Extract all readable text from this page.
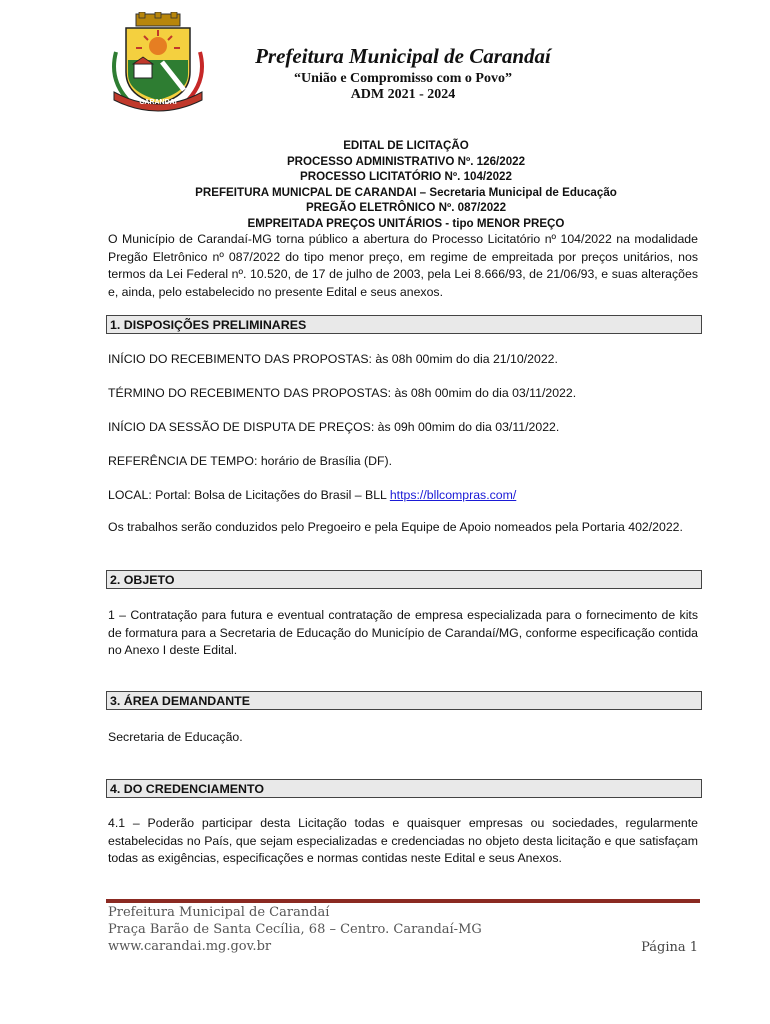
CARANDAÍ
Prefeitura Municipal de Carandaí
“União e Compromisso com o Povo”
ADM 2021 - 2024
EDITAL DE LICITAÇÃO
PROCESSO ADMINISTRATIVO Nº. 126/2022
PROCESSO LICITATÓRIO Nº. 104/2022
PREFEITURA MUNICPAL DE CARANDAI – Secretaria Municipal de Educação
PREGÃO ELETRÔNICO Nº. 087/2022
EMPREITADA PREÇOS UNITÁRIOS - tipo MENOR PREÇO
O Município de Carandaí-MG torna público a abertura do Processo Licitatório nº 104/2022 na modalidade Pregão Eletrônico nº 087/2022 do tipo menor preço, em regime de empreitada por preços unitários, nos termos da Lei Federal nº. 10.520, de 17 de julho de 2003, pela Lei 8.666/93, de 21/06/93, e suas alterações e, ainda, pelo estabelecido no presente Edital e seus anexos.
1. DISPOSIÇÕES PRELIMINARES
INÍCIO DO RECEBIMENTO DAS PROPOSTAS: às 08h 00mim do dia 21/10/2022.
TÉRMINO DO RECEBIMENTO DAS PROPOSTAS: às 08h 00mim do dia 03/11/2022.
INÍCIO DA SESSÃO DE DISPUTA DE PREÇOS: às 09h 00mim do dia 03/11/2022.
REFERÊNCIA DE TEMPO: horário de Brasília (DF).
LOCAL: Portal: Bolsa de Licitações do Brasil – BLL https://bllcompras.com/
Os trabalhos serão conduzidos pelo Pregoeiro e pela Equipe de Apoio nomeados pela Portaria 402/2022.
2. OBJETO
1 – Contratação para futura e eventual contratação de empresa especializada para o fornecimento de kits de formatura para a Secretaria de Educação do Município de Carandaí/MG, conforme especificação contida no Anexo I deste Edital.
3. ÁREA DEMANDANTE
Secretaria de Educação.
4. DO CREDENCIAMENTO
4.1 – Poderão participar desta Licitação todas e quaisquer empresas ou sociedades, regularmente estabelecidas no País, que sejam especializadas e credenciadas no objeto desta licitação e que satisfaçam todas as exigências, especificações e normas contidas neste Edital e seus Anexos.
Prefeitura Municipal de Carandaí
Praça Barão de Santa Cecília, 68 – Centro. Carandaí-MG
www.carandai.mg.gov.br	Página 1
